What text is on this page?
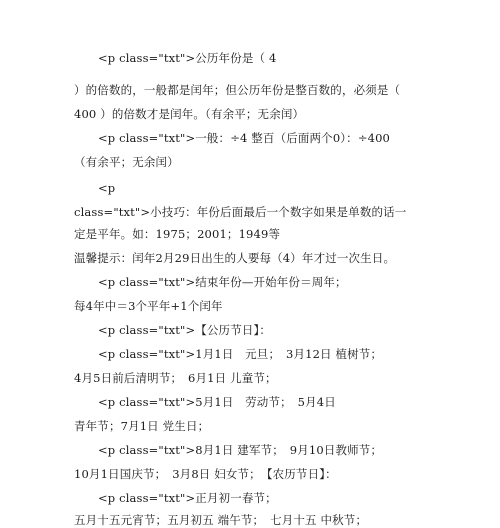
<p class="txt">公历年份是（ 4
）的倍数的，一般都是闰年；但公历年份是整百数的，必须是（
400 ）的倍数才是闰年。（有余平；无余闰）
<p class="txt">一般：÷4 整百（后面两个0）：÷400
（有余平；无余闰）
<p
class="txt">小技巧：年份后面最后一个数字如果是单数的话一
定是平年。如：1975；2001；1949等
温馨提示：闰年2月29日出生的人要每（4）年才过一次生日。
<p class="txt">结束年份—开始年份＝周年；
每4年中＝3个平年+1个闰年
<p class="txt">【公历节日】：
<p class="txt">1月1日　元旦；　3月12日 植树节；
4月5日前后清明节；　6月1日 儿童节；
<p class="txt">5月1日　劳动节；　5月4日
青年节；7月1日 党生日；
<p class="txt">8月1日 建军节；　9月10日教师节；
10月1日国庆节；　3月8日 妇女节；　【农历节日】：
<p class="txt">正月初一春节；
五月十五元宵节；五月初五 端午节；　七月十五 中秋节；
